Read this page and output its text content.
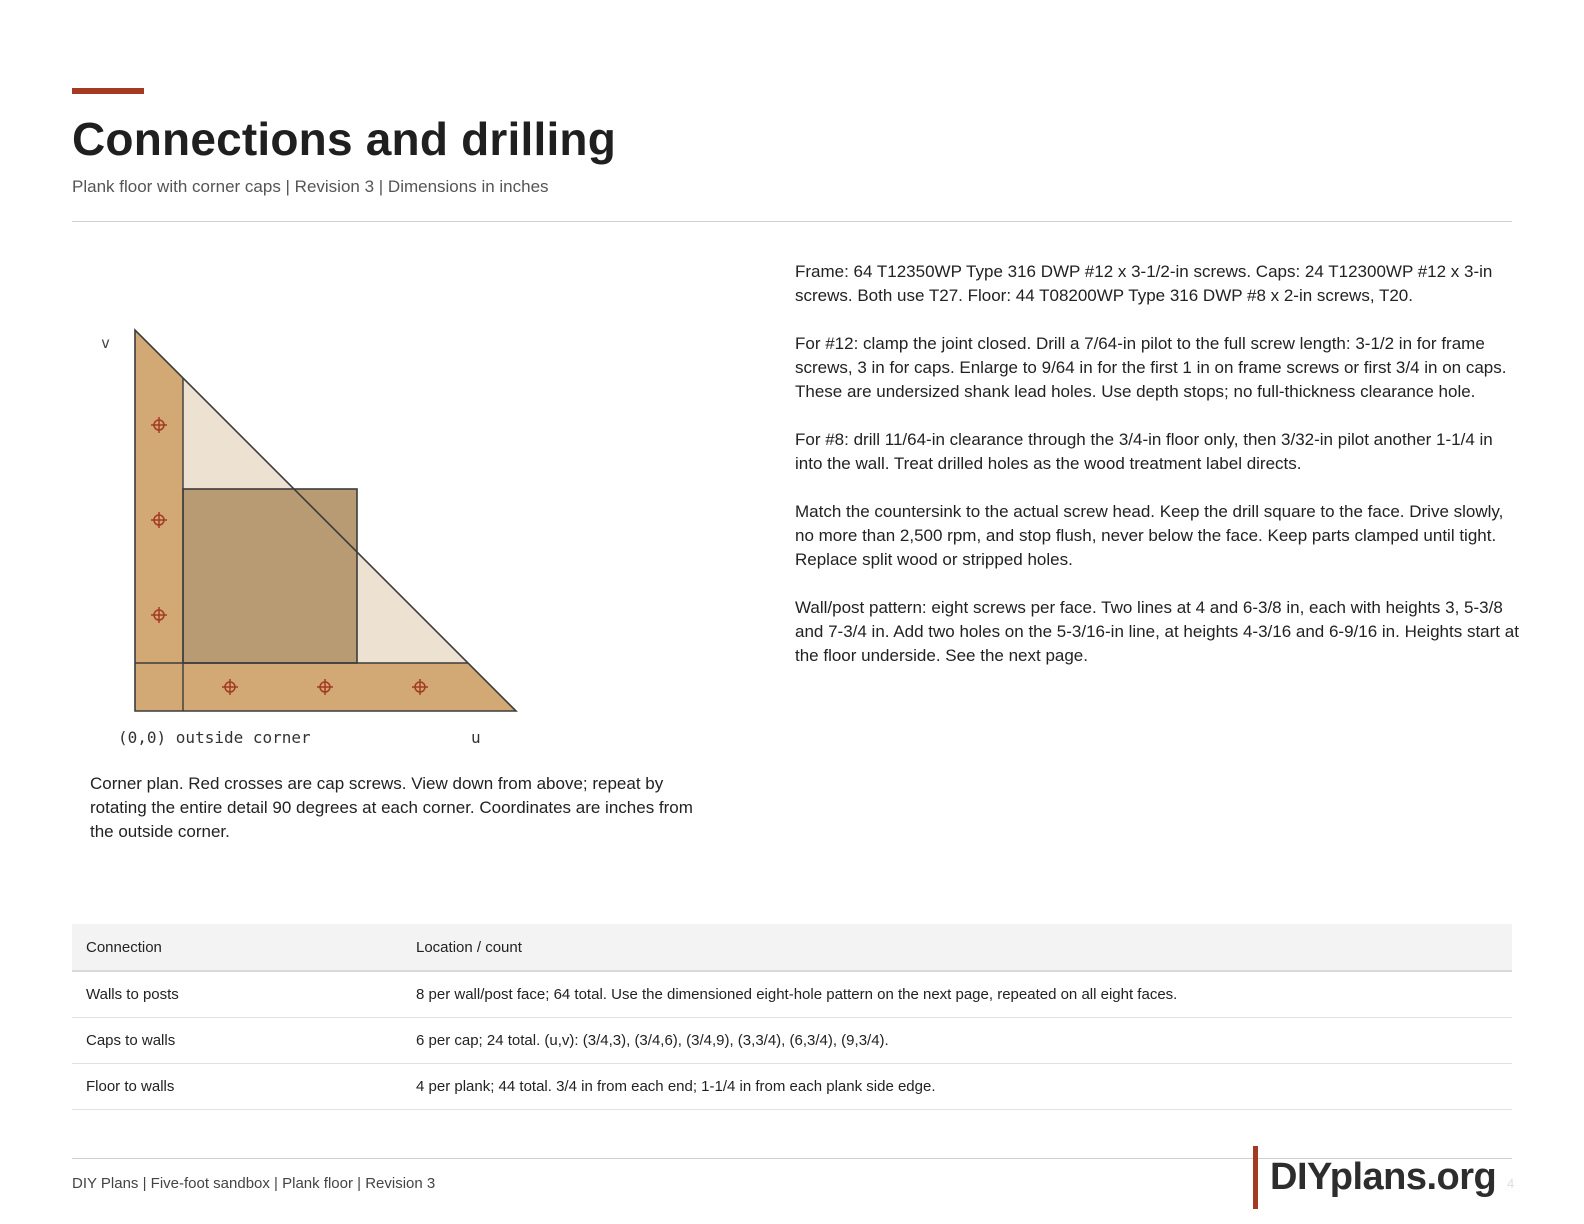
Connections and drilling
Plank floor with corner caps | Revision 3 | Dimensions in inches
v
(0,0) outside corner	u
Corner plan. Red crosses are cap screws. View down from above; repeat by rotating the entire detail 90 degrees at each corner. Coordinates are inches from the outside corner.

Frame: 64 T12350WP Type 316 DWP #12 x 3-1/2-in screws. Caps: 24 T12300WP #12 x 3-in screws. Both use T27. Floor: 44 T08200WP Type 316 DWP #8 x 2-in screws, T20.

For #12: clamp the joint closed. Drill a 7/64-in pilot to the full screw length: 3-1/2 in for frame screws, 3 in for caps. Enlarge to 9/64 in for the first 1 in on frame screws or first 3/4 in on caps. These are undersized shank lead holes. Use depth stops; no full-thickness clearance hole.

For #8: drill 11/64-in clearance through the 3/4-in floor only, then 3/32-in pilot another 1-1/4 in into the wall. Treat drilled holes as the wood treatment label directs.

Match the countersink to the actual screw head. Keep the drill square to the face. Drive slowly, no more than 2,500 rpm, and stop flush, never below the face. Keep parts clamped until tight. Replace split wood or stripped holes.

Wall/post pattern: eight screws per face. Two lines at 4 and 6-3/8 in, each with heights 3, 5-3/8 and 7-3/4 in. Add two holes on the 5-3/16-in line, at heights 4-3/16 and 6-9/16 in. Heights start at the floor underside. See the next page.

Connection	Location / count
Walls to posts	8 per wall/post face; 64 total. Use the dimensioned eight-hole pattern on the next page, repeated on all eight faces.
Caps to walls	6 per cap; 24 total. (u,v): (3/4,3), (3/4,6), (3/4,9), (3,3/4), (6,3/4), (9,3/4).
Floor to walls	4 per plank; 44 total. 3/4 in from each end; 1-1/4 in from each plank side edge.
DIY Plans | Five-foot sandbox | Plank floor | Revision 3	DIYplans.org 4
